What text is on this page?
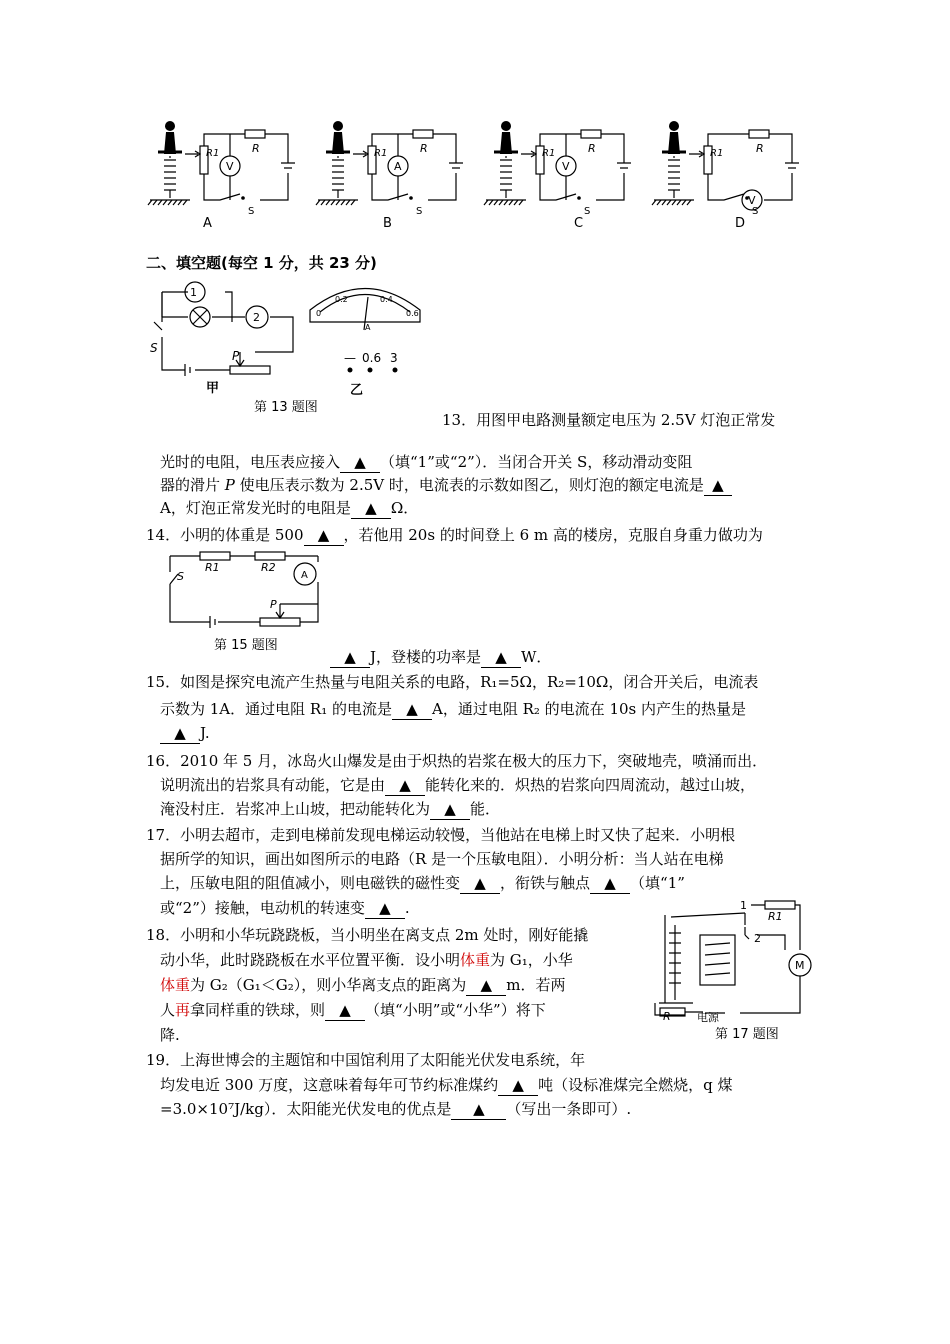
R1	R
S
V
R1	R
S
A
R1	R
S
V
R1	R
S
V
A	B	C	D
二、填空题(每空 1 分，共 23 分)
1
2
S
P
甲	乙
0.2	0.4
0	0.6
A
— 0.6 3
第 13 题图
13．用图甲电路测量额定电压为 2.5V 灯泡正常发
光时的电阻，电压表应接入 ▲ （填“1”或“2”）．当闭合开关 S，移动滑动变阻
器的滑片 P 使电压表示数为 2.5V 时，电流表的示数如图乙，则灯泡的额定电流是 ▲
A，灯泡正常发光时的电阻是 ▲ Ω．
14．小明的体重是 500 ▲ ，若他用 20s 的时间登上 6 m 高的楼房，克服自身重力做功为
R1	R2
A
S
P
第 15 题图
▲ J，登楼的功率是 ▲ W．
15．如图是探究电流产生热量与电阻关系的电路，R₁=5Ω，R₂=10Ω，闭合开关后，电流表
示数为 1A．通过电阻 R₁ 的电流是 ▲ A，通过电阻 R₂ 的电流在 10s 内产生的热量是
▲ J.
16．2010 年 5 月，冰岛火山爆发是由于炽热的岩浆在极大的压力下，突破地壳，喷涌而出．
说明流出的岩浆具有动能，它是由 ▲ 能转化来的．炽热的岩浆向四周流动，越过山坡，
淹没村庄．岩浆冲上山坡，把动能转化为 ▲ 能．
17．小明去超市，走到电梯前发现电梯运动较慢，当他站在电梯上时又快了起来．小明根
据所学的知识，画出如图所示的电路（R 是一个压敏电阻）．小明分析：当人站在电梯
上，压敏电阻的阻值减小，则电磁铁的磁性变 ▲ ，衔铁与触点 ▲ （填“1”
或“2”）接触，电动机的转速变 ▲ .	1
2
R1
R
M
电源
第 17 题图
18．小明和小华玩跷跷板，当小明坐在离支点 2m 处时，刚好能撬
动小华，此时跷跷板在水平位置平衡．设小明体重为 G₁，小华
体重为 G₂（G₁＜G₂），则小华离支点的距离为 ▲ m．若两
人再拿同样重的铁球，则 ▲ （填“小明”或“小华”）将下
降.
19．上海世博会的主题馆和中国馆利用了太阳能光伏发电系统，年
均发电近 300 万度，这意味着每年可节约标准煤约 ▲ 吨（设标准煤完全燃烧，q 煤
=3.0×10⁷J/kg）．太阳能光伏发电的优点是 ▲ （写出一条即可）.
